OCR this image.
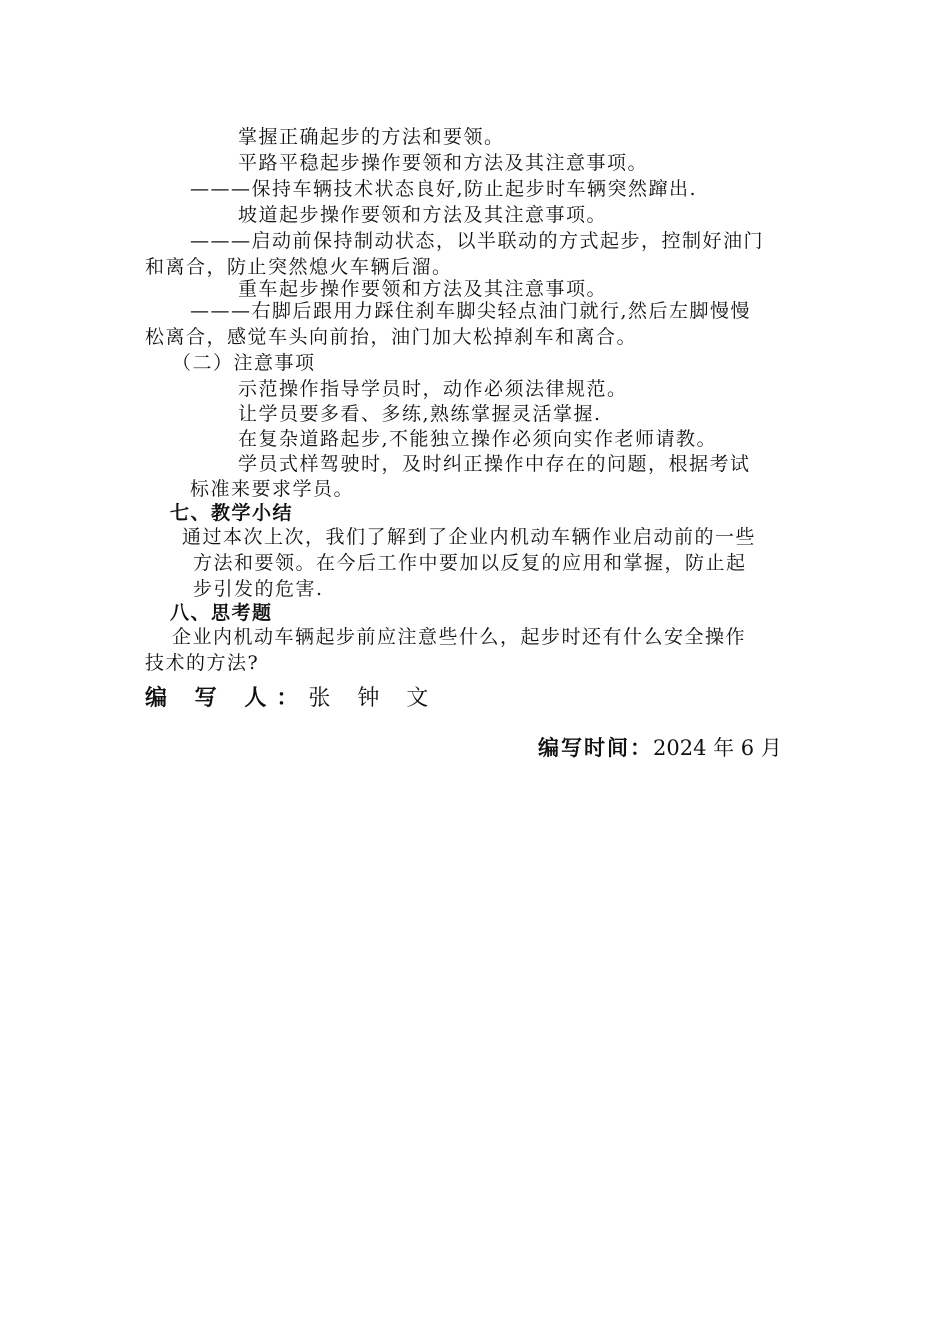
掌握正确起步的方法和要领。
平路平稳起步操作要领和方法及其注意事项。
———保持车辆技术状态良好,防止起步时车辆突然蹿出.
坡道起步操作要领和方法及其注意事项。
———启动前保持制动状态，以半联动的方式起步，控制好油门
和离合，防止突然熄火车辆后溜。
重车起步操作要领和方法及其注意事项。
———右脚后跟用力踩住刹车脚尖轻点油门就行,然后左脚慢慢
松离合，感觉车头向前抬，油门加大松掉刹车和离合。
（二）注意事项
示范操作指导学员时，动作必须法律规范。
让学员要多看、多练,熟练掌握灵活掌握.
在复杂道路起步,不能独立操作必须向实作老师请教。
学员式样驾驶时，及时纠正操作中存在的问题，根据考试
标准来要求学员。
七、教学小结
通过本次上次，我们了解到了企业内机动车辆作业启动前的一些
方法和要领。在今后工作中要加以反复的应用和掌握，防止起
步引发的危害.
八、思考题
企业内机动车辆起步前应注意些什么，起步时还有什么安全操作
技术的方法?
编 写 人：张 钟 文
编写时间：2024 年 6 月
